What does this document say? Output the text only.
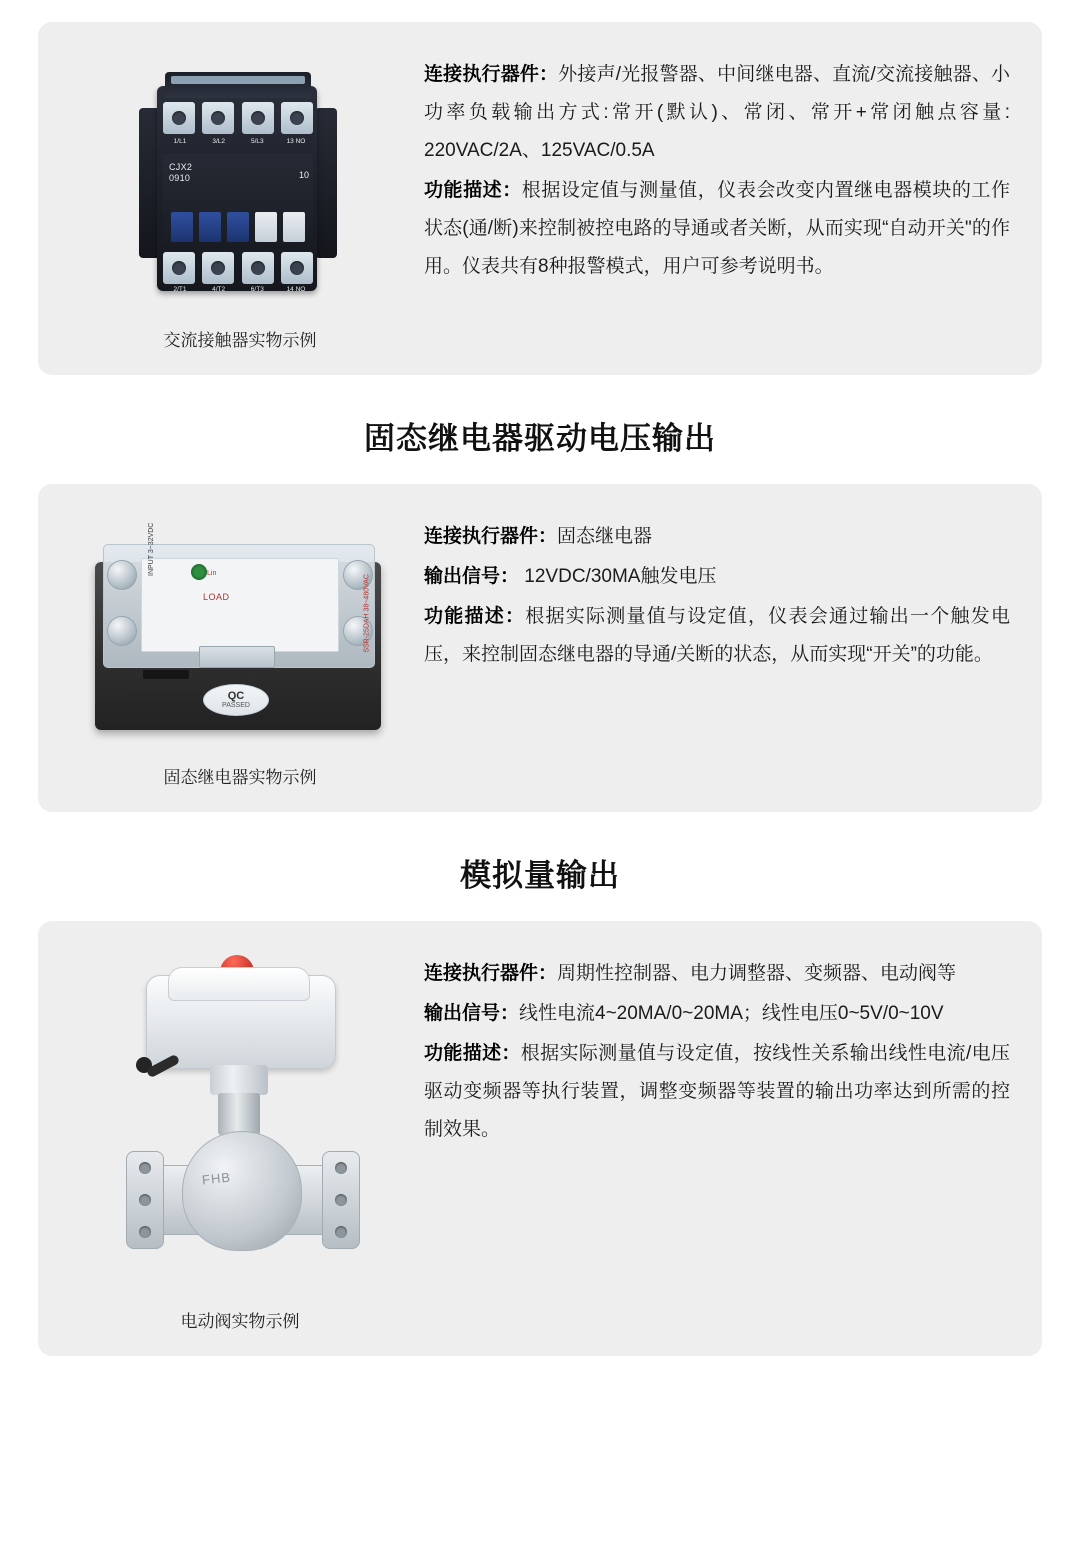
1/L1	3/L2	5/L3	13 NO
CJX2
0910	10
2/T1	4/T2	6/T3	14 NO
交流接触器实物示例

连接执行器件：外接声/光报警器、中间继电器、直流/交流接触器、小功率负载输出方式:常开(默认)、常闭、常开+常闭触点容量: 220VAC/2A、125VAC/0.5A

功能描述：根据设定值与测量值，仪表会改变内置继电器模块的工作状态(通/断)来控制被控电路的导通或者关断，从而实现“自动开关"的作用。仪表共有8种报警模式，用户可参考说明书。

固态继电器驱动电压输出
Lin
LOAD
INPUT 3~32VDC
SSR-25DAH 38~480VAC
QC
PASSED
固态继电器实物示例

连接执行器件：固态继电器

输出信号： 12VDC/30MA触发电压

功能描述：根据实际测量值与设定值，仪表会通过输出一个触发电压，来控制固态继电器的导通/关断的状态，从而实现“开关”的功能。

模拟量输出
FHB
电动阀实物示例

连接执行器件：周期性控制器、电力调整器、变频器、电动阀等

输出信号：线性电流4~20MA/0~20MA；线性电压0~5V/0~10V

功能描述：根据实际测量值与设定值，按线性关系输出线性电流/电压驱动变频器等执行装置，调整变频器等装置的输出功率达到所需的控制效果。
